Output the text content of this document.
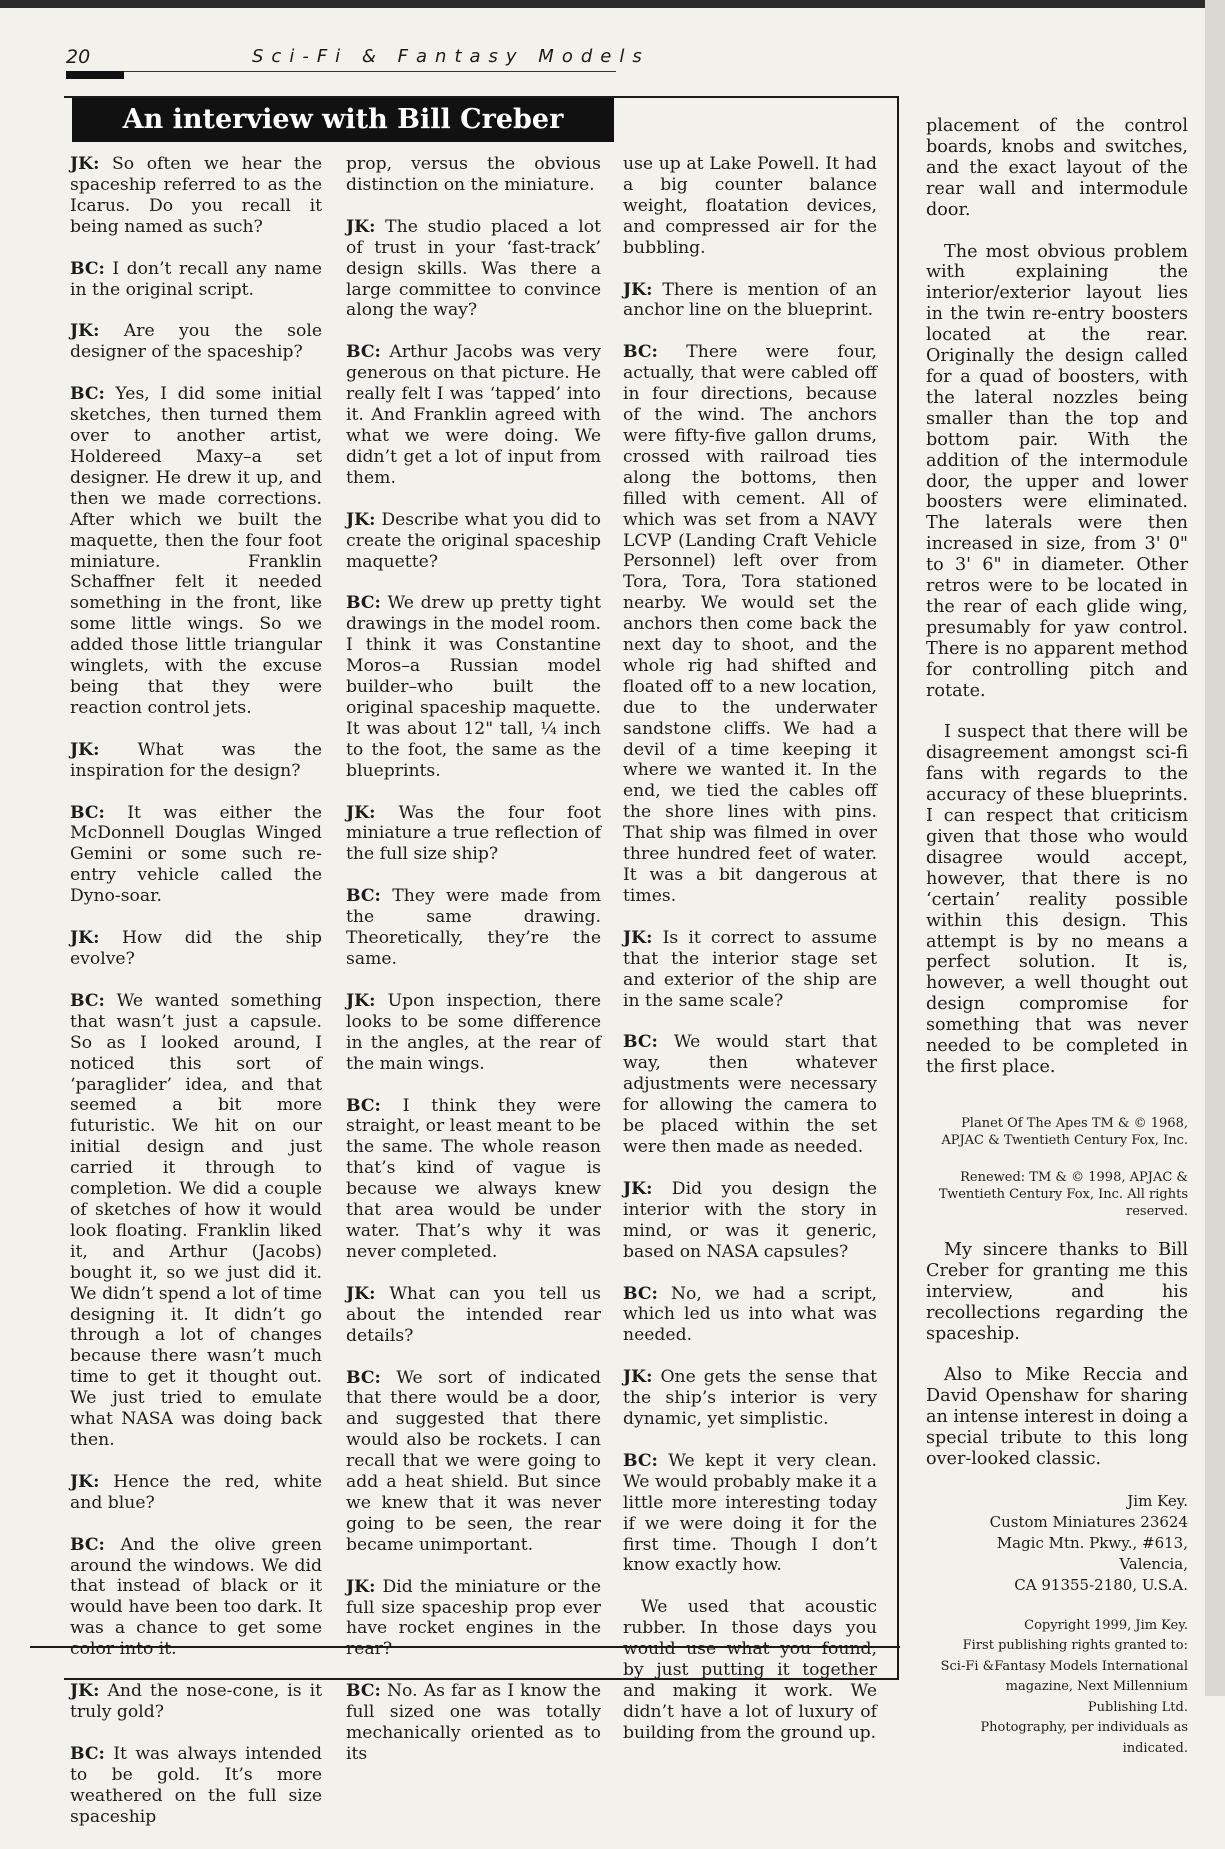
20	Sci-Fi & Fantasy Models
An interview with Bill Creber

JK: So often we hear the spaceship referred to as the Icarus. Do you recall it being named as such?

BC: I don’t recall any name in the original script.

JK: Are you the sole designer of the spaceship?

BC: Yes, I did some initial sketches, then turned them over to another artist, Holdereed Maxy–a set designer. He drew it up, and then we made corrections. After which we built the maquette, then the four foot miniature. Franklin Schaffner felt it needed something in the front, like some little wings. So we added those little triangular winglets, with the excuse being that they were reaction control jets.

JK: What was the inspiration for the design?

BC: It was either the McDonnell Douglas Winged Gemini or some such re-entry vehicle called the Dyno-soar.

JK: How did the ship evolve?

BC: We wanted something that wasn’t just a capsule. So as I looked around, I noticed this sort of ‘paraglider’ idea, and that seemed a bit more futuristic. We hit on our initial design and just carried it through to completion. We did a couple of sketches of how it would look floating. Franklin liked it, and Arthur (Jacobs) bought it, so we just did it. We didn’t spend a lot of time designing it. It didn’t go through a lot of changes because there wasn’t much time to get it thought out. We just tried to emulate what NASA was doing back then.

JK: Hence the red, white and blue?

BC: And the olive green around the windows. We did that instead of black or it would have been too dark. It was a chance to get some color into it.

JK: And the nose-cone, is it truly gold?

BC: It was always intended to be gold. It’s more weathered on the full size spaceship

prop, versus the obvious distinction on the miniature.

JK: The studio placed a lot of trust in your ‘fast-track’ design skills. Was there a large committee to convince along the way?

BC: Arthur Jacobs was very generous on that picture. He really felt I was ‘tapped’ into it. And Franklin agreed with what we were doing. We didn’t get a lot of input from them.

JK: Describe what you did to create the original spaceship maquette?

BC: We drew up pretty tight drawings in the model room. I think it was Constantine Moros–a Russian model builder–who built the original spaceship maquette. It was about 12" tall, ¼ inch to the foot, the same as the blueprints.

JK: Was the four foot miniature a true reflection of the full size ship?

BC: They were made from the same drawing. Theoretically, they’re the same.

JK: Upon inspection, there looks to be some difference in the angles, at the rear of the main wings.

BC: I think they were straight, or least meant to be the same. The whole reason that’s kind of vague is because we always knew that area would be under water. That’s why it was never completed.

JK: What can you tell us about the intended rear details?

BC: We sort of indicated that there would be a door, and suggested that there would also be rockets. I can recall that we were going to add a heat shield. But since we knew that it was never going to be seen, the rear became unimportant.

JK: Did the miniature or the full size spaceship prop ever have rocket engines in the rear?

BC: No. As far as I know the full sized one was totally mechanically oriented as to its

use up at Lake Powell. It had a big counter balance weight, floatation devices, and compressed air for the bubbling.

JK: There is mention of an anchor line on the blueprint.

BC: There were four, actually, that were cabled off in four directions, because of the wind. The anchors were fifty-five gallon drums, crossed with railroad ties along the bottoms, then filled with cement. All of which was set from a NAVY LCVP (Landing Craft Vehicle Personnel) left over from Tora, Tora, Tora stationed nearby. We would set the anchors then come back the next day to shoot, and the whole rig had shifted and floated off to a new location, due to the underwater sandstone cliffs. We had a devil of a time keeping it where we wanted it. In the end, we tied the cables off the shore lines with pins. That ship was filmed in over three hundred feet of water. It was a bit dangerous at times.

JK: Is it correct to assume that the interior stage set and exterior of the ship are in the same scale?

BC: We would start that way, then whatever adjustments were necessary for allowing the camera to be placed within the set were then made as needed.

JK: Did you design the interior with the story in mind, or was it generic, based on NASA capsules?

BC: No, we had a script, which led us into what was needed.

JK: One gets the sense that the ship’s interior is very dynamic, yet simplistic.

BC: We kept it very clean. We would probably make it a little more interesting today if we were doing it for the first time. Though I don’t know exactly how.

We used that acoustic rubber. In those days you would use what you found, by just putting it together and making it work. We didn’t have a lot of luxury of building from the ground up.

placement of the control boards, knobs and switches, and the exact layout of the rear wall and intermodule door.

The most obvious problem with explaining the interior/exterior layout lies in the twin re-entry boosters located at the rear. Originally the design called for a quad of boosters, with the lateral nozzles being smaller than the top and bottom pair. With the addition of the intermodule door, the upper and lower boosters were eliminated. The laterals were then increased in size, from 3' 0" to 3' 6" in diameter. Other retros were to be located in the rear of each glide wing, presumably for yaw control. There is no apparent method for controlling pitch and rotate.

I suspect that there will be disagreement amongst sci-fi fans with regards to the accuracy of these blueprints. I can respect that criticism given that those who would disagree would accept, however, that there is no ‘certain’ reality possible within this design. This attempt is by no means a perfect solution. It is, however, a well thought out design compromise for something that was never needed to be completed in the first place.

Planet Of The Apes TM & © 1968, APJAC & Twentieth Century Fox, Inc.

Renewed: TM & © 1998, APJAC & Twentieth Century Fox, Inc. All rights reserved.

My sincere thanks to Bill Creber for granting me this interview, and his recollections regarding the spaceship.

Also to Mike Reccia and David Openshaw for sharing an intense interest in doing a special tribute to this long over-looked classic.

Jim Key.
Custom Miniatures 23624
Magic Mtn. Pkwy., #613, Valencia,
CA 91355-2180, U.S.A.
Copyright 1999, Jim Key.
First publishing rights granted to:
Sci-Fi &Fantasy Models International
magazine, Next Millennium
Publishing Ltd.
Photography, per individuals as
indicated.
